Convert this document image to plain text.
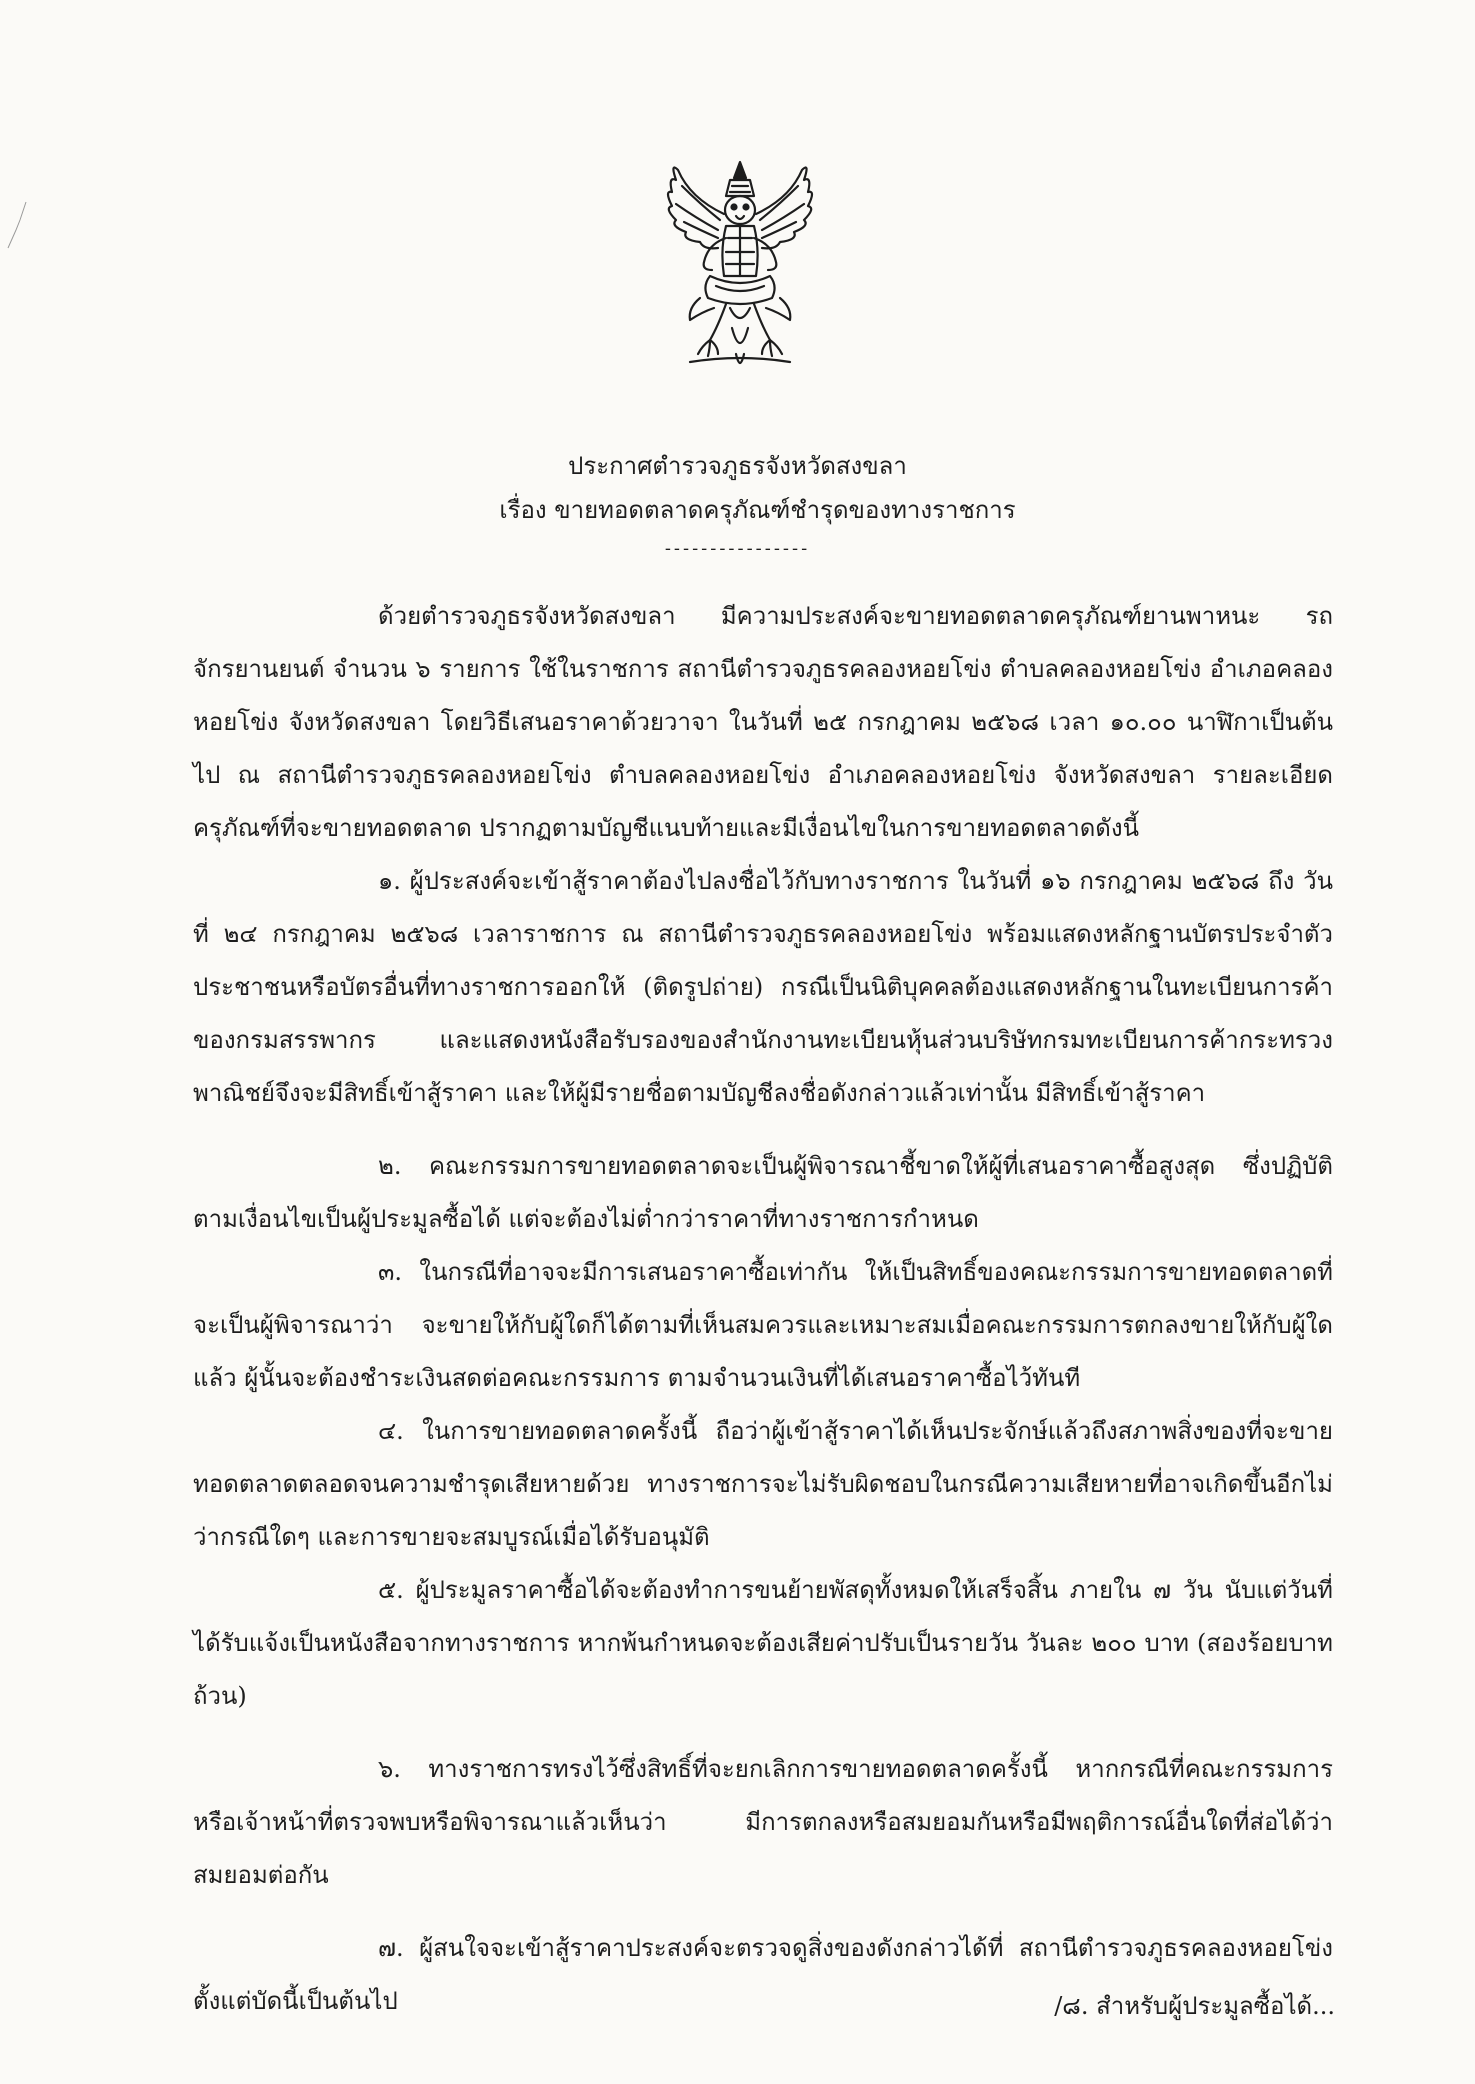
ประกาศตำรวจภูธรจังหวัดสงขลา
เรื่อง ขายทอดตลาดครุภัณฑ์ชำรุดของทางราชการ
----------------

ด้วยตำรวจภูธรจังหวัดสงขลา มีความประสงค์จะขายทอดตลาดครุภัณฑ์ยานพาหนะ รถจักรยานยนต์ จำนวน ๖ รายการ ใช้ในราชการ สถานีตำรวจภูธรคลองหอยโข่ง ตำบลคลองหอยโข่ง อำเภอคลองหอยโข่ง จังหวัดสงขลา โดยวิธีเสนอราคาด้วยวาจา ในวันที่ ๒๕ กรกฎาคม ๒๕๖๘ เวลา ๑๐.๐๐ นาฬิกาเป็นต้นไป ณ สถานีตำรวจภูธรคลองหอยโข่ง ตำบลคลองหอยโข่ง อำเภอคลองหอยโข่ง จังหวัดสงขลา รายละเอียดครุภัณฑ์ที่จะขายทอดตลาด ปรากฏตามบัญชีแนบท้ายและมีเงื่อนไขในการขายทอดตลาดดังนี้

๑. ผู้ประสงค์จะเข้าสู้ราคาต้องไปลงชื่อไว้กับทางราชการ ในวันที่ ๑๖ กรกฎาคม ๒๕๖๘ ถึง วันที่ ๒๔ กรกฎาคม ๒๕๖๘ เวลาราชการ ณ สถานีตำรวจภูธรคลองหอยโข่ง พร้อมแสดงหลักฐานบัตรประจำตัวประชาชนหรือบัตรอื่นที่ทางราชการออกให้ (ติดรูปถ่าย) กรณีเป็นนิติบุคคลต้องแสดงหลักฐานในทะเบียนการค้าของกรมสรรพากร และแสดงหนังสือรับรองของสำนักงานทะเบียนหุ้นส่วนบริษัทกรมทะเบียนการค้ากระทรวงพาณิชย์จึงจะมีสิทธิ์เข้าสู้ราคา และให้ผู้มีรายชื่อตามบัญชีลงชื่อดังกล่าวแล้วเท่านั้น มีสิทธิ์เข้าสู้ราคา

๒. คณะกรรมการขายทอดตลาดจะเป็นผู้พิจารณาชี้ขาดให้ผู้ที่เสนอราคาซื้อสูงสุด ซึ่งปฏิบัติตามเงื่อนไขเป็นผู้ประมูลซื้อได้ แต่จะต้องไม่ต่ำกว่าราคาที่ทางราชการกำหนด

๓. ในกรณีที่อาจจะมีการเสนอราคาซื้อเท่ากัน ให้เป็นสิทธิ์ของคณะกรรมการขายทอดตลาดที่จะเป็นผู้พิจารณาว่า จะขายให้กับผู้ใดก็ได้ตามที่เห็นสมควรและเหมาะสมเมื่อคณะกรรมการตกลงขายให้กับผู้ใดแล้ว ผู้นั้นจะต้องชำระเงินสดต่อคณะกรรมการ ตามจำนวนเงินที่ได้เสนอราคาซื้อไว้ทันที

๔. ในการขายทอดตลาดครั้งนี้ ถือว่าผู้เข้าสู้ราคาได้เห็นประจักษ์แล้วถึงสภาพสิ่งของที่จะขายทอดตลาดตลอดจนความชำรุดเสียหายด้วย ทางราชการจะไม่รับผิดชอบในกรณีความเสียหายที่อาจเกิดขึ้นอีกไม่ว่ากรณีใดๆ และการขายจะสมบูรณ์เมื่อได้รับอนุมัติ

๕. ผู้ประมูลราคาซื้อได้จะต้องทำการขนย้ายพัสดุทั้งหมดให้เสร็จสิ้น ภายใน ๗ วัน นับแต่วันที่ได้รับแจ้งเป็นหนังสือจากทางราชการ หากพ้นกำหนดจะต้องเสียค่าปรับเป็นรายวัน วันละ ๒๐๐ บาท (สองร้อยบาทถ้วน)

๖. ทางราชการทรงไว้ซึ่งสิทธิ์ที่จะยกเลิกการขายทอดตลาดครั้งนี้ หากกรณีที่คณะกรรมการหรือเจ้าหน้าที่ตรวจพบหรือพิจารณาแล้วเห็นว่า มีการตกลงหรือสมยอมกันหรือมีพฤติการณ์อื่นใดที่ส่อได้ว่าสมยอมต่อกัน

๗. ผู้สนใจจะเข้าสู้ราคาประสงค์จะตรวจดูสิ่งของดังกล่าวได้ที่ สถานีตำรวจภูธรคลองหอยโข่ง ตั้งแต่บัดนี้เป็นต้นไป	/๘. สำหรับผู้ประมูลซื้อได้...
